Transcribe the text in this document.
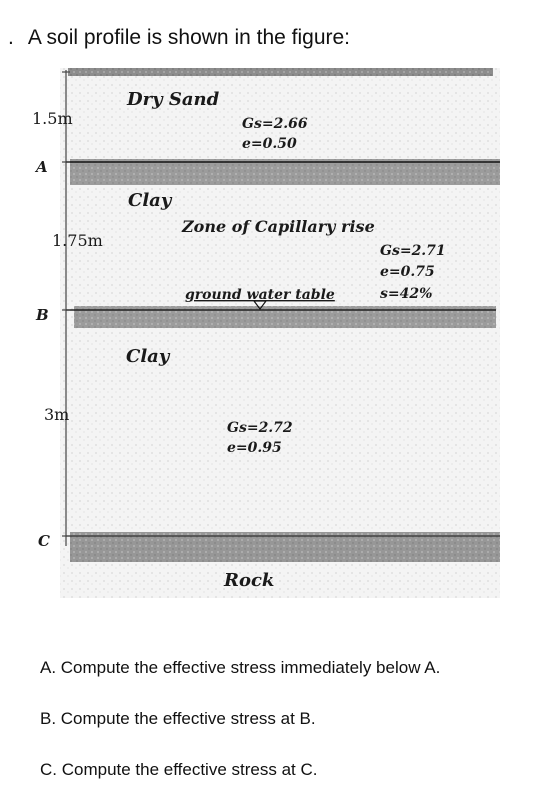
. A soil profile is shown in the figure:
1.5m
1.75m
3m
A
B
C
Dry Sand
Gs=2.66
e=0.50
Clay
Zone of Capillary rise
Gs=2.71
e=0.75
s=42%
ground water table
Clay
Gs=2.72
e=0.95
Rock
A. Compute the effective stress immediately below A.
B. Compute the effective stress at B.
C. Compute the effective stress at C.
